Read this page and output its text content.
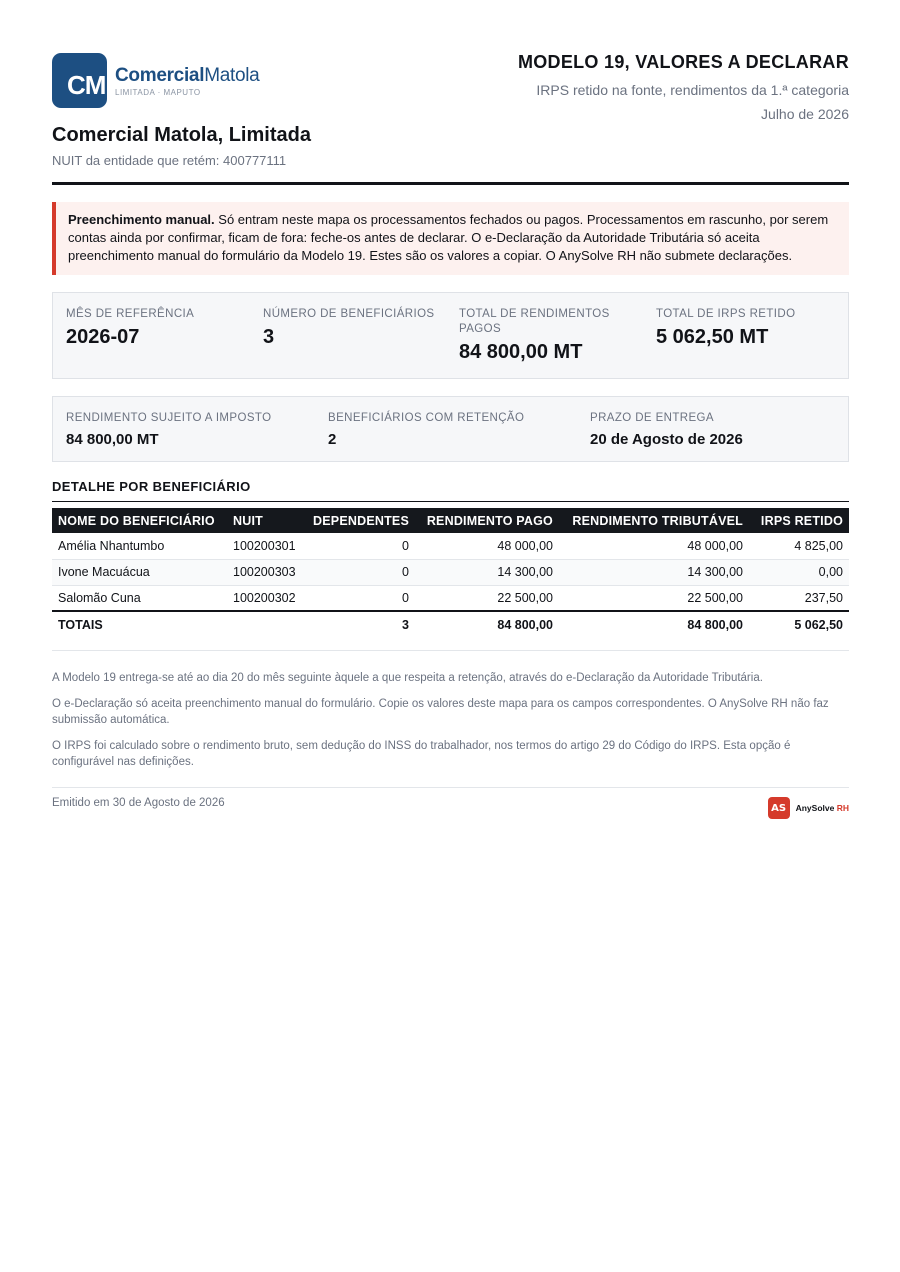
CM ComercialMatola
LIMITADA · MAPUTO
Comercial Matola, Limitada
NUIT da entidade que retém: 400777111
MODELO 19, VALORES A DECLARAR
IRPS retido na fonte, rendimentos da 1.ª categoria
Julho de 2026
Preenchimento manual. Só entram neste mapa os processamentos fechados ou pagos. Processamentos em rascunho, por serem contas ainda por confirmar, ficam de fora: feche-os antes de declarar. O e-Declaração da Autoridade Tributária só aceita preenchimento manual do formulário da Modelo 19. Estes são os valores a copiar. O AnySolve RH não submete declarações.
MÊS DE REFERÊNCIA
2026-07
NÚMERO DE BENEFICIÁRIOS
3
TOTAL DE RENDIMENTOS PAGOS
84 800,00 MT
TOTAL DE IRPS RETIDO
5 062,50 MT
RENDIMENTO SUJEITO A IMPOSTO
84 800,00 MT
BENEFICIÁRIOS COM RETENÇÃO
2
PRAZO DE ENTREGA
20 de Agosto de 2026
DETALHE POR BENEFICIÁRIO
NOME DO BENEFICIÁRIO	NUIT	DEPENDENTES	RENDIMENTO PAGO	RENDIMENTO TRIBUTÁVEL	IRPS RETIDO
Amélia Nhantumbo	100200301	0	48 000,00	48 000,00	4 825,00
Ivone Macuácua	100200303	0	14 300,00	14 300,00	0,00
Salomão Cuna	100200302	0	22 500,00	22 500,00	237,50
TOTAIS		3	84 800,00	84 800,00	5 062,50
A Modelo 19 entrega-se até ao dia 20 do mês seguinte àquele a que respeita a retenção, através do e-Declaração da Autoridade Tributária.
O e-Declaração só aceita preenchimento manual do formulário. Copie os valores deste mapa para os campos correspondentes. O AnySolve RH não faz submissão automática.
O IRPS foi calculado sobre o rendimento bruto, sem dedução do INSS do trabalhador, nos termos do artigo 29 do Código do IRPS. Esta opção é configurável nas definições.
Emitido em 30 de Agosto de 2026	AS	AnySolve RH
